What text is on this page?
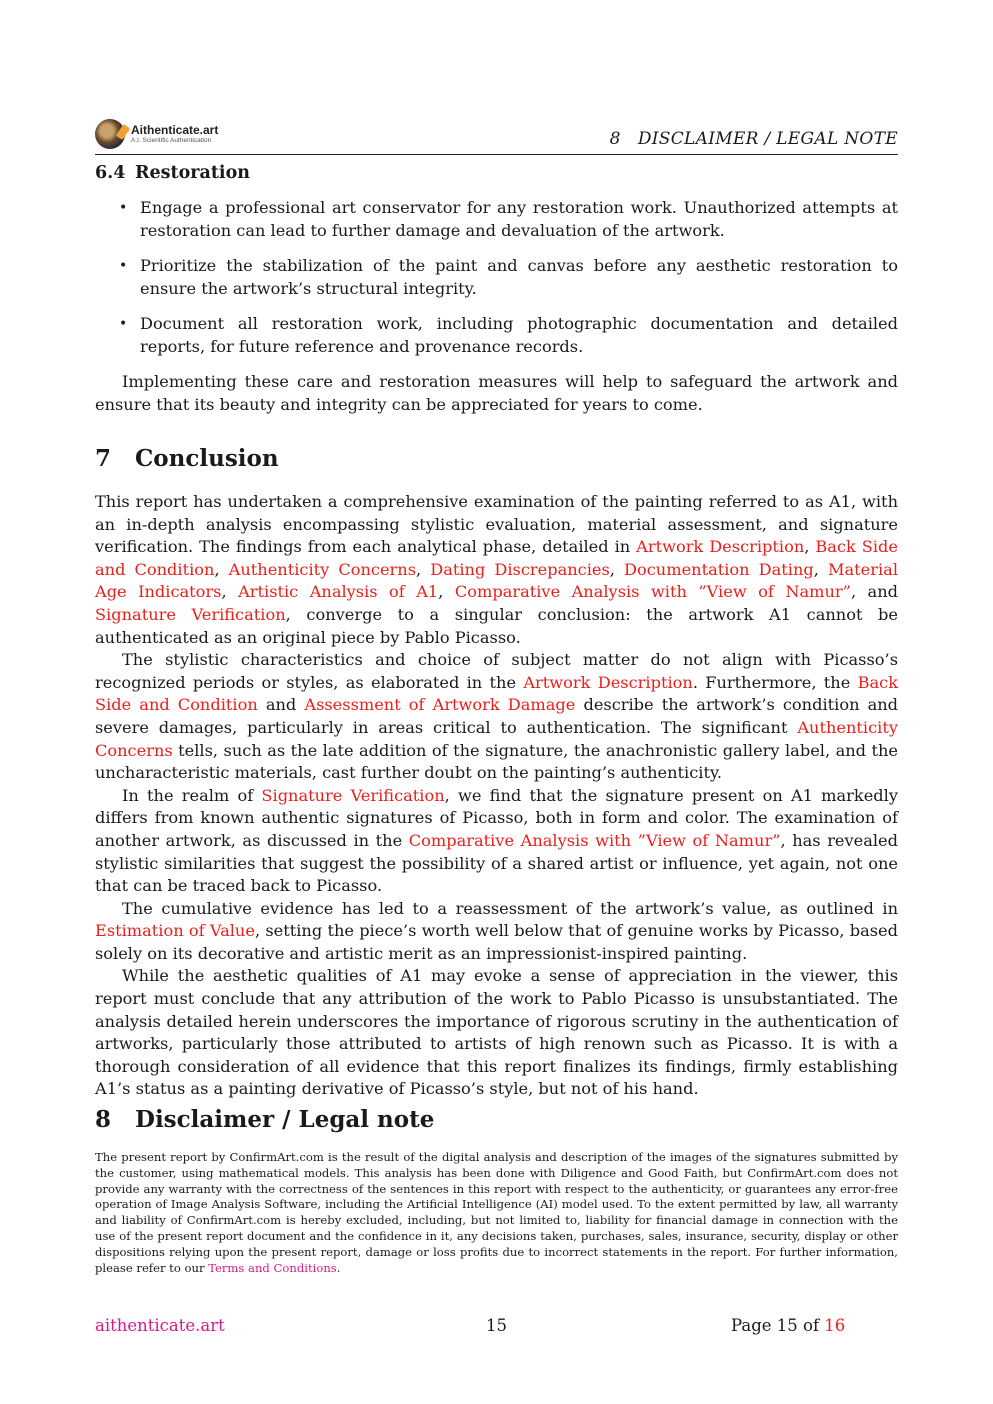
Aithenticate.art
A.I. Scientific Authentication	8   DISCLAIMER / LEGAL NOTE
6.4 Restoration
• Engage a professional art conservator for any restoration work. Unauthorized attempts at restoration can lead to further damage and devaluation of the artwork.
• Prioritize the stabilization of the paint and canvas before any aesthetic restoration to ensure the artwork’s structural integrity.
• Document all restoration work, including photographic documentation and detailed reports, for future reference and provenance records.

Implementing these care and restoration measures will help to safeguard the artwork and ensure that its beauty and integrity can be appreciated for years to come.

7 Conclusion

This report has undertaken a comprehensive examination of the painting referred to as A1, with an in-depth analysis encompassing stylistic evaluation, material assessment, and signature verification. The findings from each analytical phase, detailed in Artwork Description, Back Side and Condition, Authenticity Concerns, Dating Discrepancies, Documentation Dating, Material Age Indicators, Artistic Analysis of A1, Comparative Analysis with ”View of Namur”, and Signature Verification, converge to a singular conclusion: the artwork A1 cannot be authenticated as an original piece by Pablo Picasso.

The stylistic characteristics and choice of subject matter do not align with Picasso’s recognized periods or styles, as elaborated in the Artwork Description. Furthermore, the Back Side and Condition and Assessment of Artwork Damage describe the artwork’s condition and severe damages, particularly in areas critical to authentication. The significant Authenticity Concerns tells, such as the late addition of the signature, the anachronistic gallery label, and the uncharacteristic materials, cast further doubt on the painting’s authenticity.

In the realm of Signature Verification, we find that the signature present on A1 markedly differs from known authentic signatures of Picasso, both in form and color. The examination of another artwork, as discussed in the Comparative Analysis with ”View of Namur”, has revealed stylistic similarities that suggest the possibility of a shared artist or influence, yet again, not one that can be traced back to Picasso.

The cumulative evidence has led to a reassessment of the artwork’s value, as outlined in Estimation of Value, setting the piece’s worth well below that of genuine works by Picasso, based solely on its decorative and artistic merit as an impressionist-inspired painting.

While the aesthetic qualities of A1 may evoke a sense of appreciation in the viewer, this report must conclude that any attribution of the work to Pablo Picasso is unsubstantiated. The analysis detailed herein underscores the importance of rigorous scrutiny in the authentication of artworks, particularly those attributed to artists of high renown such as Picasso. It is with a thorough consideration of all evidence that this report finalizes its findings, firmly establishing A1’s status as a painting derivative of Picasso’s style, but not of his hand.

8 Disclaimer / Legal note

The present report by ConfirmArt.com is the result of the digital analysis and description of the images of the signatures submitted by the customer, using mathematical models. This analysis has been done with Diligence and Good Faith, but ConfirmArt.com does not provide any warranty with the correctness of the sentences in this report with respect to the authenticity, or guarantees any error-free operation of Image Analysis Software, including the Artificial Intelligence (AI) model used. To the extent permitted by law, all warranty and liability of ConfirmArt.com is hereby excluded, including, but not limited to, liability for financial damage in connection with the use of the present report document and the confidence in it, any decisions taken, purchases, sales, insurance, security, display or other dispositions relying upon the present report, damage or loss profits due to incorrect statements in the report. For further information, please refer to our Terms and Conditions.

aithenticate.art	15	Page 15 of 16
